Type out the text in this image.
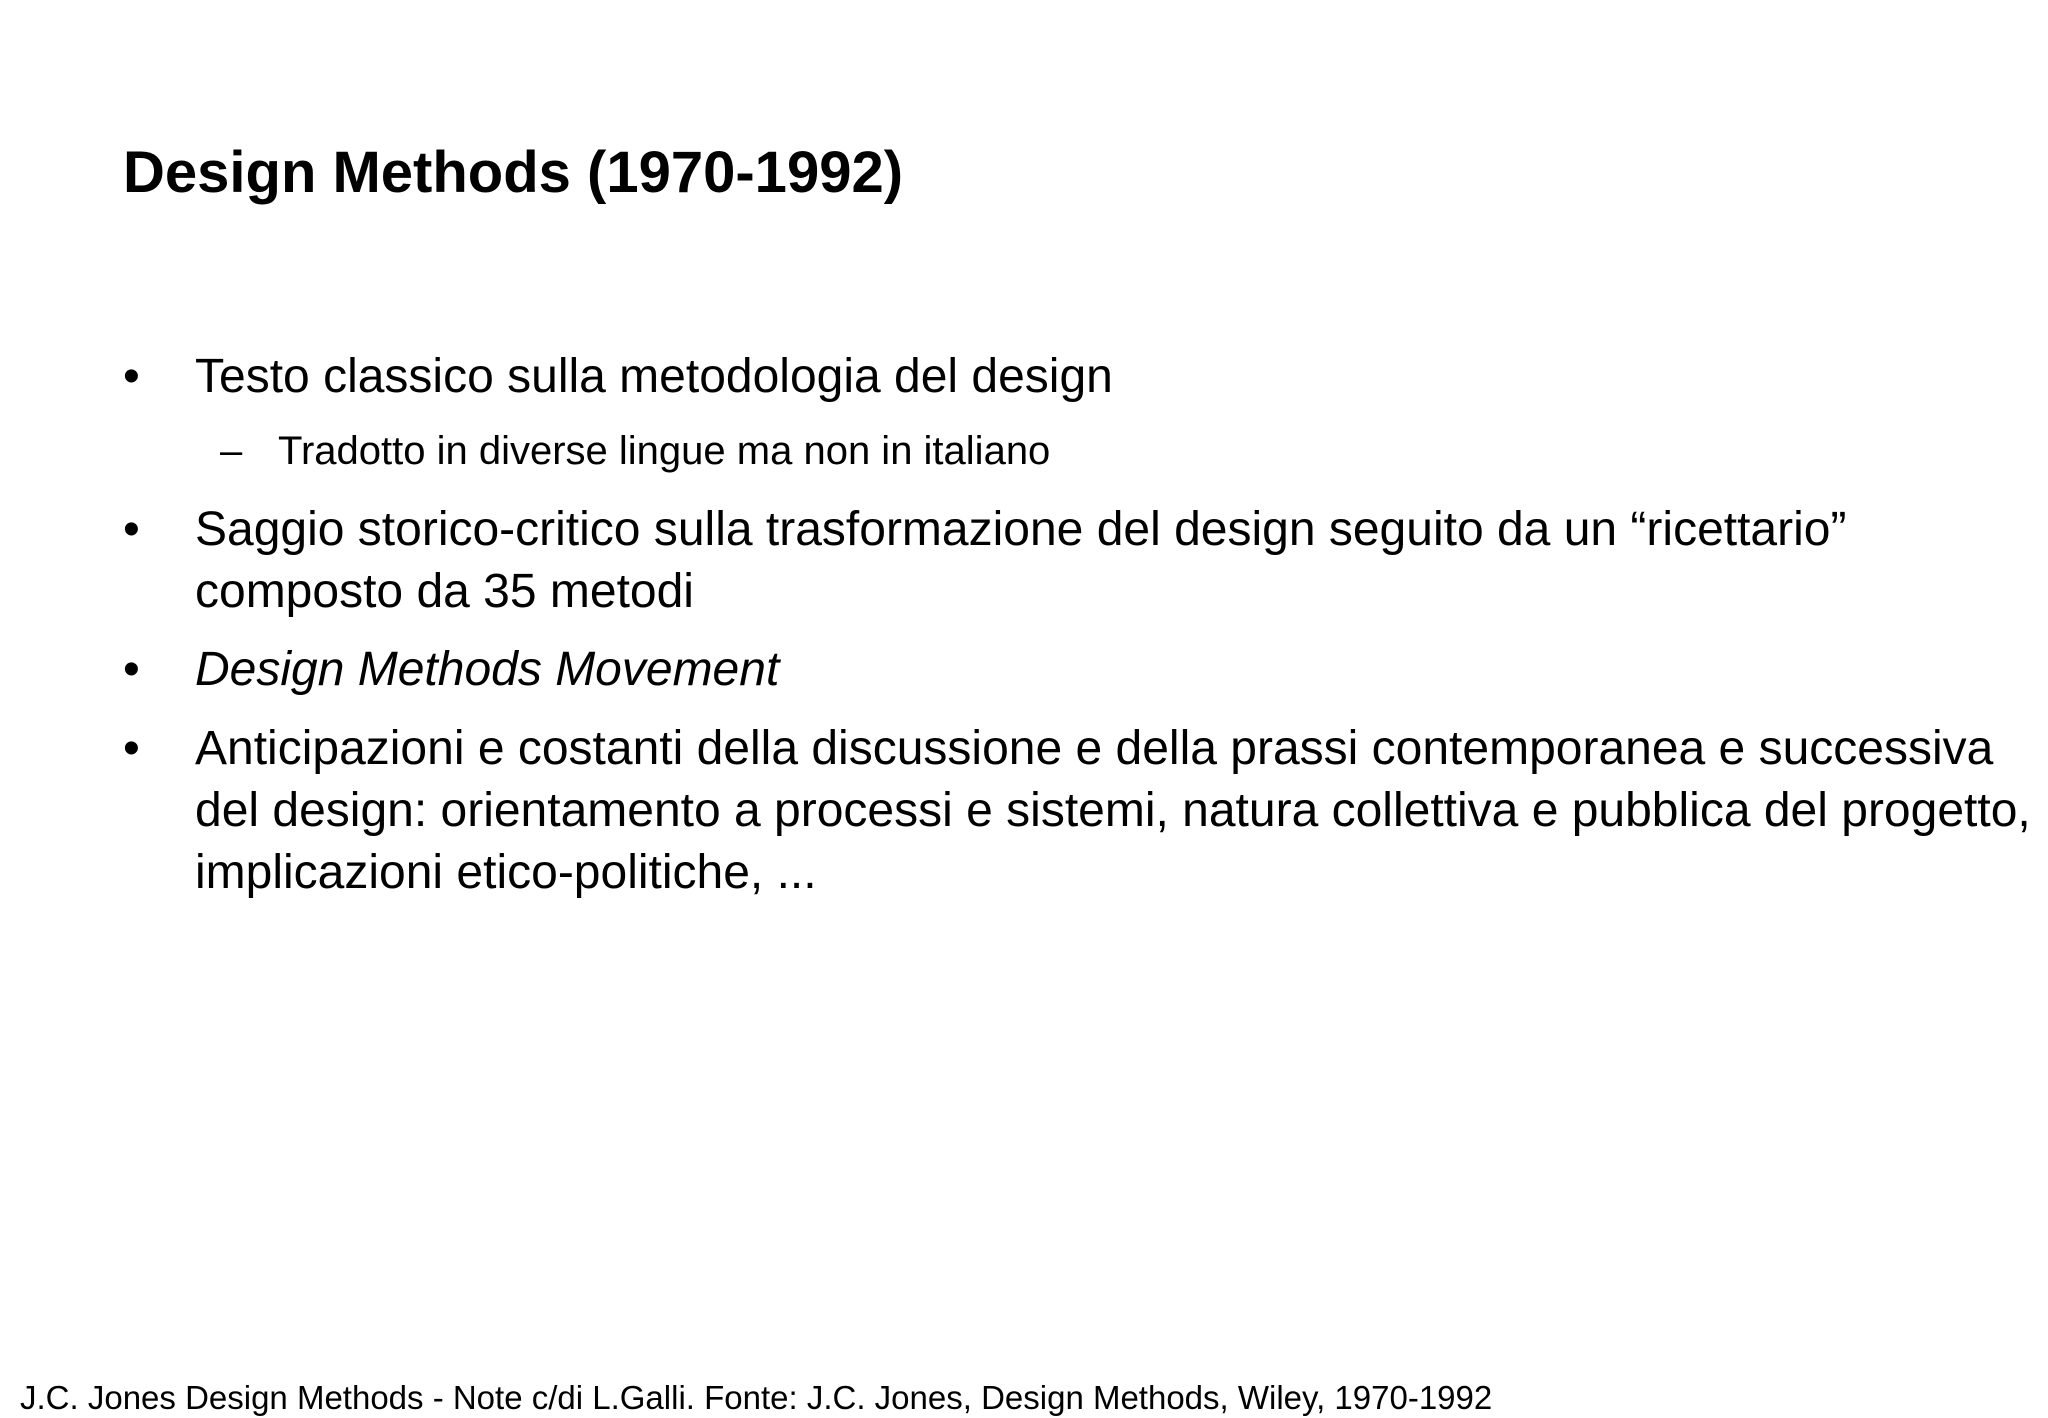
Design Methods (1970-1992)
• Testo classico sulla metodologia del design
– Tradotto in diverse lingue ma non in italiano
• Saggio storico-critico sulla trasformazione del design seguito da un “ricettario” composto da 35 metodi
• Design Methods Movement
• Anticipazioni e costanti della discussione e della prassi contemporanea e successiva del design: orientamento a processi e sistemi, natura collettiva e pubblica del progetto, implicazioni etico-politiche, ...
J.C. Jones Design Methods - Note c/di L.Galli. Fonte: J.C. Jones, Design Methods, Wiley, 1970-1992
